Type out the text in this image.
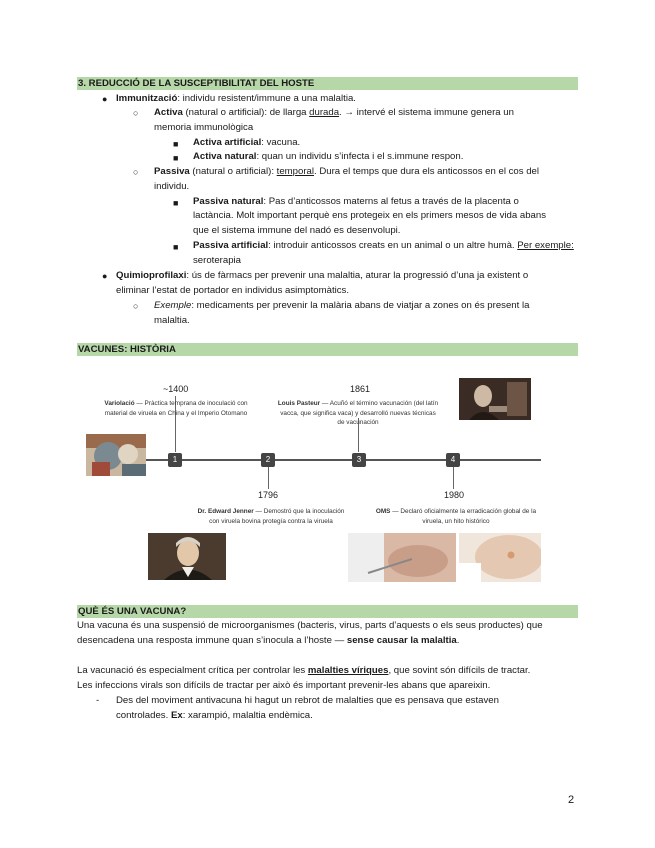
3. REDUCCIÓ DE LA SUSCEPTIBILITAT DEL HOSTE
● Immunització: individu resistent/immune a una malaltia.
○ Activa (natural o artificial): de llarga durada. → intervé el sistema immune genera un
memoria immunològica
■ Activa artificial: vacuna.
■ Activa natural: quan un individu s’infecta i el s.immune respon.
○ Passiva (natural o artificial): temporal. Dura el temps que dura els anticossos en el cos del
individu.
■ Passiva natural: Pas d’anticossos materns al fetus a través de la placenta o
lactància. Molt important perquè ens protegeix en els primers mesos de vida abans
que el sistema immune del nadó es desenvolupi.
■ Passiva artificial: introduir anticossos creats en un animal o un altre humà. Per exemple:
seroterapia
● Quimioprofilaxi: ús de fàrmacs per prevenir una malaltia, aturar la progressió d’una ja existent o
eliminar l’estat de portador en individus asimptomàtics.
○ Exemple: medicaments per prevenir la malària abans de viatjar a zones on és present la
malaltia.
VACUNES: HISTÒRIA
1	2	3	4
~1400
1796
1861
1980
Variolació — Pràctica temprana de inoculació con material de viruela en China y el Imperio Otomano
Dr. Edward Jenner — Demostró que la inoculación con viruela bovina protegía contra la viruela
Louis Pasteur — Acuñó el término vacunación (del latín vacca, que significa vaca) y desarrolló nuevas técnicas de vacunación
OMS — Declaró oficialmente la erradicación global de la viruela, un hito histórico
QUÈ ÉS UNA VACUNA?
Una vacuna és una suspensió de microorganismes (bacteris, virus, parts d’aquests o els seus productes) que
desencadena una resposta immune quan s’inocula a l’hoste — sense causar la malaltia.
La vacunació és especialment crítica per controlar les malalties víriques, que sovint són difícils de tractar.
Les infeccions virals son difícils de tractar per això és important prevenir-les abans que apareixin.
- Des del moviment antivacuna hi hagut un rebrot de malalties que es pensava que estaven
controlades. Ex: xarampió, malaltia endèmica.
2
